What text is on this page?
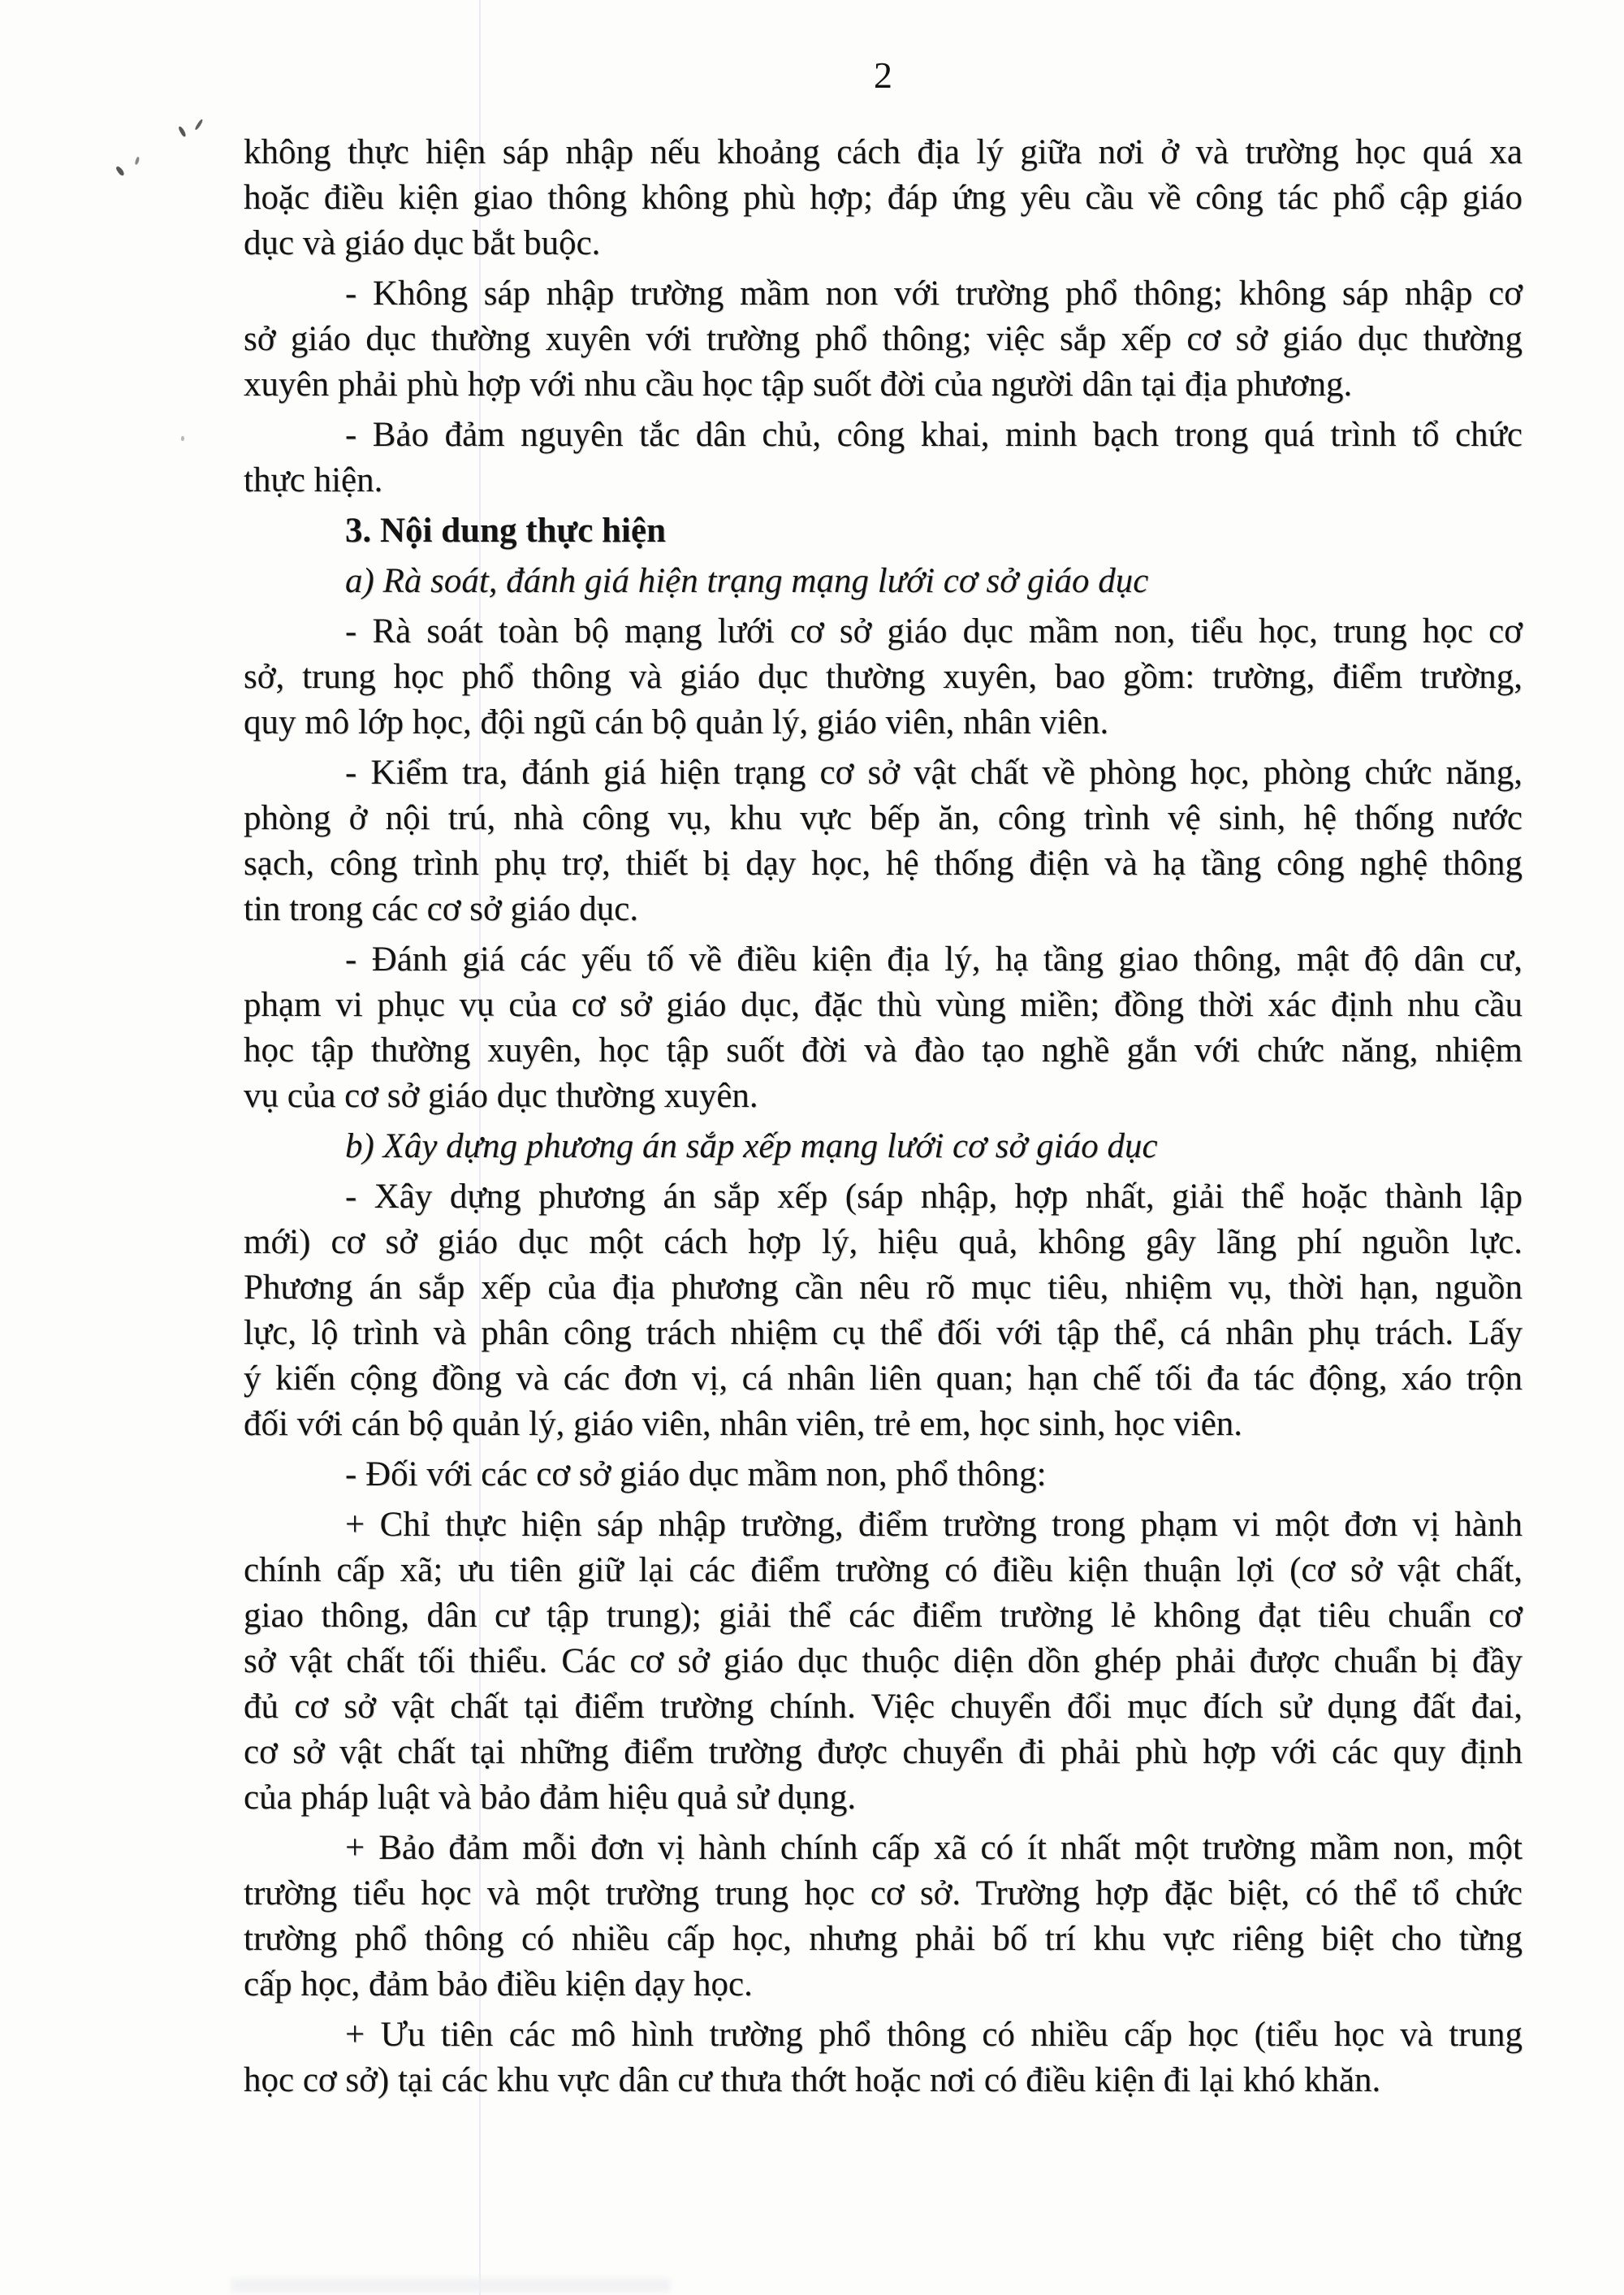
2

không thực hiện sáp nhập nếu khoảng cách địa lý giữa nơi ở và trường học quá xa
hoặc điều kiện giao thông không phù hợp; đáp ứng yêu cầu về công tác phổ cập giáo
dục và giáo dục bắt buộc.

- Không sáp nhập trường mầm non với trường phổ thông; không sáp nhập cơ
sở giáo dục thường xuyên với trường phổ thông; việc sắp xếp cơ sở giáo dục thường
xuyên phải phù hợp với nhu cầu học tập suốt đời của người dân tại địa phương.

- Bảo đảm nguyên tắc dân chủ, công khai, minh bạch trong quá trình tổ chức
thực hiện.

3. Nội dung thực hiện

a) Rà soát, đánh giá hiện trạng mạng lưới cơ sở giáo dục

- Rà soát toàn bộ mạng lưới cơ sở giáo dục mầm non, tiểu học, trung học cơ
sở, trung học phổ thông và giáo dục thường xuyên, bao gồm: trường, điểm trường,
quy mô lớp học, đội ngũ cán bộ quản lý, giáo viên, nhân viên.

- Kiểm tra, đánh giá hiện trạng cơ sở vật chất về phòng học, phòng chức năng,
phòng ở nội trú, nhà công vụ, khu vực bếp ăn, công trình vệ sinh, hệ thống nước
sạch, công trình phụ trợ, thiết bị dạy học, hệ thống điện và hạ tầng công nghệ thông
tin trong các cơ sở giáo dục.

- Đánh giá các yếu tố về điều kiện địa lý, hạ tầng giao thông, mật độ dân cư,
phạm vi phục vụ của cơ sở giáo dục, đặc thù vùng miền; đồng thời xác định nhu cầu
học tập thường xuyên, học tập suốt đời và đào tạo nghề gắn với chức năng, nhiệm
vụ của cơ sở giáo dục thường xuyên.

b) Xây dựng phương án sắp xếp mạng lưới cơ sở giáo dục

- Xây dựng phương án sắp xếp (sáp nhập, hợp nhất, giải thể hoặc thành lập
mới) cơ sở giáo dục một cách hợp lý, hiệu quả, không gây lãng phí nguồn lực.
Phương án sắp xếp của địa phương cần nêu rõ mục tiêu, nhiệm vụ, thời hạn, nguồn
lực, lộ trình và phân công trách nhiệm cụ thể đối với tập thể, cá nhân phụ trách. Lấy
ý kiến cộng đồng và các đơn vị, cá nhân liên quan; hạn chế tối đa tác động, xáo trộn
đối với cán bộ quản lý, giáo viên, nhân viên, trẻ em, học sinh, học viên.

- Đối với các cơ sở giáo dục mầm non, phổ thông:

+ Chỉ thực hiện sáp nhập trường, điểm trường trong phạm vi một đơn vị hành
chính cấp xã; ưu tiên giữ lại các điểm trường có điều kiện thuận lợi (cơ sở vật chất,
giao thông, dân cư tập trung); giải thể các điểm trường lẻ không đạt tiêu chuẩn cơ
sở vật chất tối thiểu. Các cơ sở giáo dục thuộc diện dồn ghép phải được chuẩn bị đầy
đủ cơ sở vật chất tại điểm trường chính. Việc chuyển đổi mục đích sử dụng đất đai,
cơ sở vật chất tại những điểm trường được chuyển đi phải phù hợp với các quy định
của pháp luật và bảo đảm hiệu quả sử dụng.

+ Bảo đảm mỗi đơn vị hành chính cấp xã có ít nhất một trường mầm non, một
trường tiểu học và một trường trung học cơ sở. Trường hợp đặc biệt, có thể tổ chức
trường phổ thông có nhiều cấp học, nhưng phải bố trí khu vực riêng biệt cho từng
cấp học, đảm bảo điều kiện dạy học.

+ Ưu tiên các mô hình trường phổ thông có nhiều cấp học (tiểu học và trung
học cơ sở) tại các khu vực dân cư thưa thớt hoặc nơi có điều kiện đi lại khó khăn.
